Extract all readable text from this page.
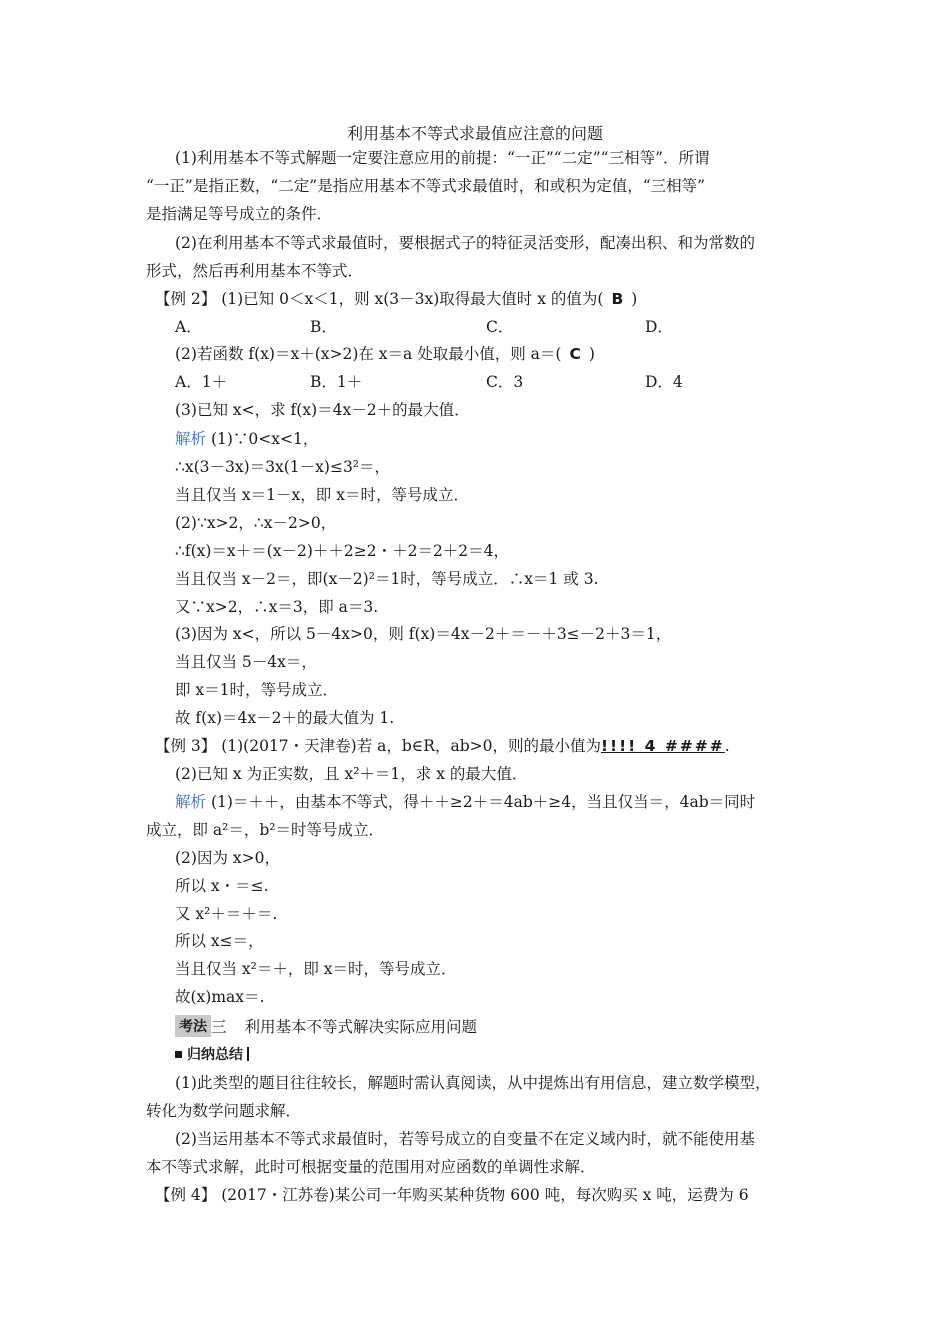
利用基本不等式求最值应注意的问题
(1)利用基本不等式解题一定要注意应用的前提：“一正”“二定”“三相等”．所谓
“一正”是指正数，“二定”是指应用基本不等式求最值时，和或积为定值，“三相等”
是指满足等号成立的条件．
(2)在利用基本不等式求最值时，要根据式子的特征灵活变形，配凑出积、和为常数的
形式，然后再利用基本不等式．
【例 2】 (1)已知 0＜x＜1，则 x(3－3x)取得最大值时 x 的值为( B )
A．	B．	C．	D．
(2)若函数 f(x)＝x＋(x>2)在 x＝a 处取最小值，则 a＝( C )
A．1＋	B．1＋	C．3	D．4
(3)已知 x<，求 f(x)＝4x－2＋的最大值．
解析 (1)∵0<x<1，
∴x(3－3x)＝3x(1－x)≤3²＝，
当且仅当 x＝1－x，即 x＝时，等号成立．
(2)∵x>2，∴x－2>0，
∴f(x)＝x＋＝(x－2)＋＋2≥2・＋2＝2＋2＝4，
当且仅当 x－2＝，即(x－2)²＝1时，等号成立．∴x＝1 或 3.
又∵x>2，∴x＝3，即 a＝3.
(3)因为 x<，所以 5－4x>0，则 f(x)＝4x－2＋＝－＋3≤－2＋3＝1，
当且仅当 5－4x＝，
即 x＝1时，等号成立．
故 f(x)＝4x－2＋的最大值为 1.
【例 3】 (1)(2017・天津卷)若 a，b∈R，ab>0，则的最小值为!!!! 4 ####.
(2)已知 x 为正实数，且 x²＋＝1，求 x 的最大值．
解析 (1)＝＋＋，由基本不等式，得＋＋≥2＋＝4ab＋≥4，当且仅当＝，4ab＝同时
成立，即 a²＝，b²＝时等号成立．
(2)因为 x>0，
所以 x・＝≤.
又 x²＋＝＋＝.
所以 x≤＝，
当且仅当 x²＝＋，即 x＝时，等号成立．
故(x)max＝.
考法 三 利用基本不等式解决实际应用问题
归纳总结
(1)此类型的题目往往较长，解题时需认真阅读，从中提炼出有用信息，建立数学模型，
转化为数学问题求解．
(2)当运用基本不等式求最值时，若等号成立的自变量不在定义域内时，就不能使用基
本不等式求解，此时可根据变量的范围用对应函数的单调性求解．
【例 4】 (2017・江苏卷)某公司一年购买某种货物 600 吨，每次购买 x 吨，运费为 6
